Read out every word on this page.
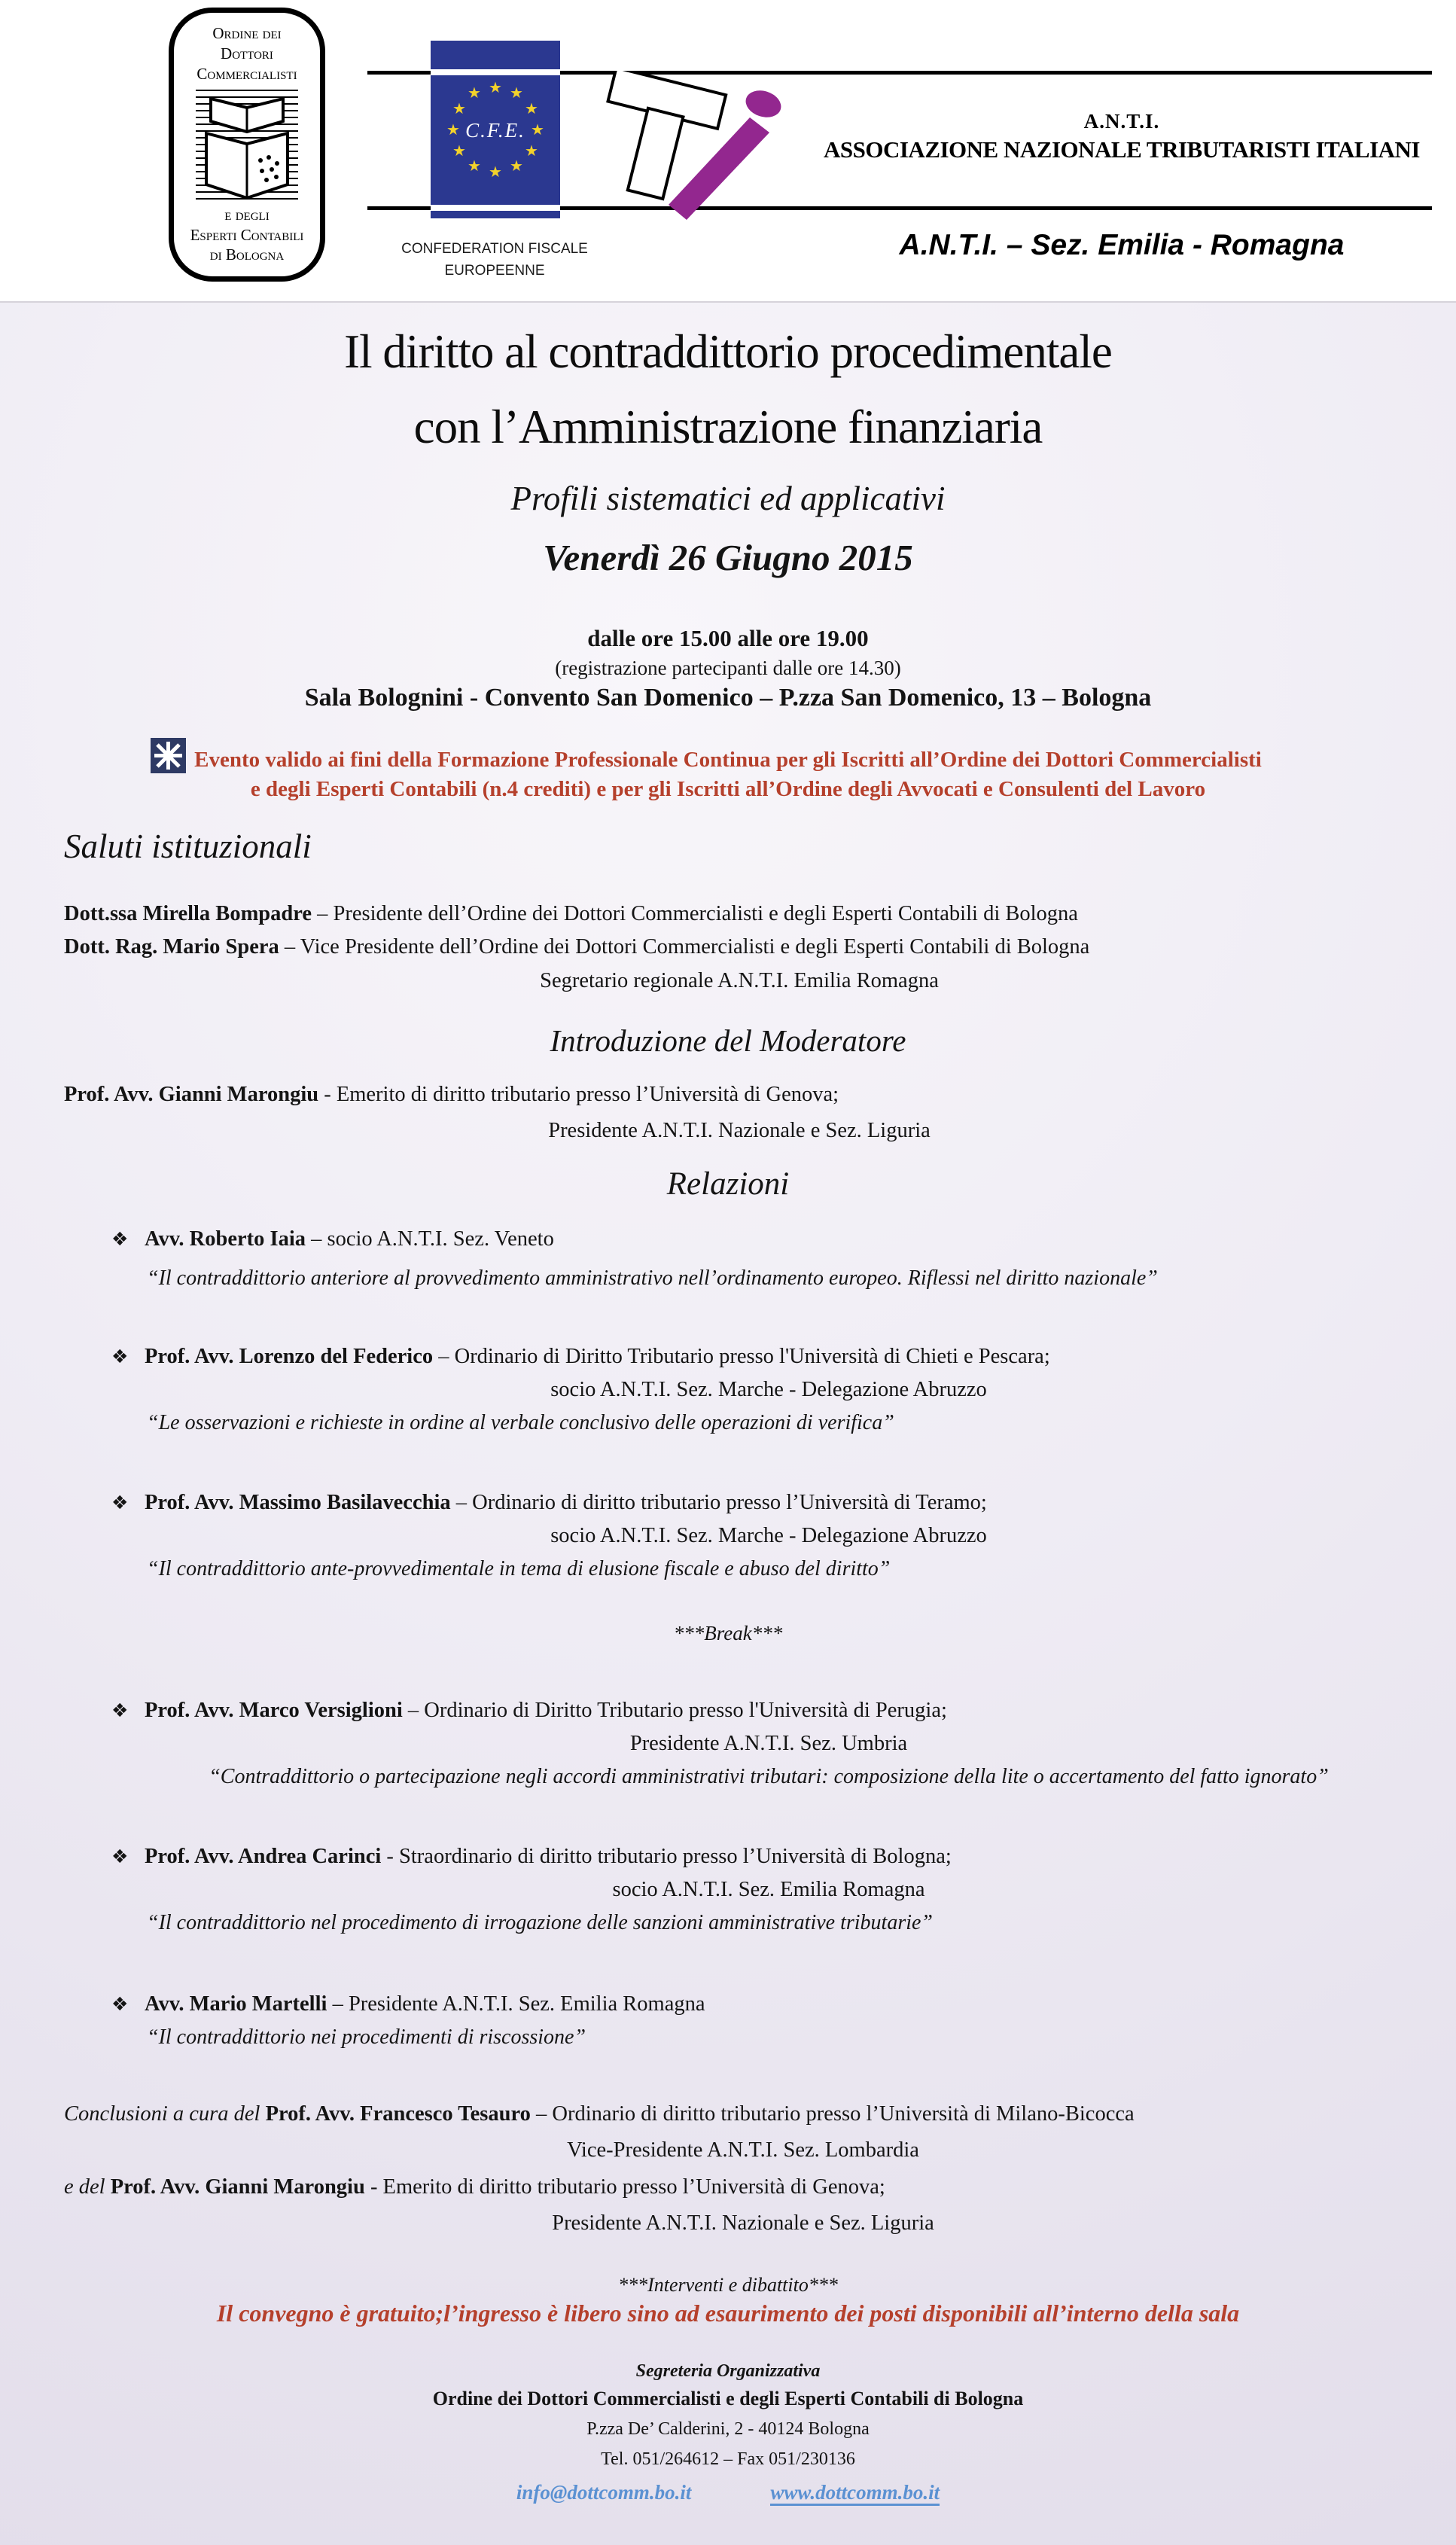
Ordine dei
Dottori
Commercialisti
e degli
Esperti Contabili
di Bologna
★ ★
★
★
★
★
★
★
★
★
★
★
C.F.E.
CONFEDERATION FISCALE
EUROPEENNE
A.N.T.I.
ASSOCIAZIONE NAZIONALE TRIBUTARISTI ITALIANI
A.N.T.I. – Sez. Emilia - Romagna
Il diritto al contraddittorio procedimentale
con l’Amministrazione finanziaria
Profili sistematici ed applicativi
Venerdì 26 Giugno 2015
dalle ore 15.00 alle ore 19.00
(registrazione partecipanti dalle ore 14.30)
Sala Bolognini - Convento San Domenico – P.zza San Domenico, 13 – Bologna
Evento valido ai fini della Formazione Professionale Continua per gli Iscritti all’Ordine dei Dottori Commercialisti
e degli Esperti Contabili (n.4 crediti) e per gli Iscritti all’Ordine degli Avvocati e Consulenti del Lavoro
Saluti istituzionali
Dott.ssa Mirella Bompadre – Presidente dell’Ordine dei Dottori Commercialisti e degli Esperti Contabili di Bologna
Dott. Rag. Mario Spera – Vice Presidente dell’Ordine dei Dottori Commercialisti e degli Esperti Contabili di Bologna
Segretario regionale A.N.T.I. Emilia Romagna
Introduzione del Moderatore
Prof. Avv. Gianni Marongiu - Emerito di diritto tributario presso l’Università di Genova;
Presidente A.N.T.I. Nazionale e Sez. Liguria
Relazioni
❖ Avv. Roberto Iaia – socio A.N.T.I. Sez. Veneto
“Il contraddittorio anteriore al provvedimento amministrativo nell’ordinamento europeo. Riflessi nel diritto nazionale”
❖ Prof. Avv. Lorenzo del Federico – Ordinario di Diritto Tributario presso l'Università di Chieti e Pescara;
socio A.N.T.I. Sez. Marche - Delegazione Abruzzo
“Le osservazioni e richieste in ordine al verbale conclusivo delle operazioni di verifica”
❖ Prof. Avv. Massimo Basilavecchia – Ordinario di diritto tributario presso l’Università di Teramo;
socio A.N.T.I. Sez. Marche - Delegazione Abruzzo
“Il contraddittorio ante-provvedimentale in tema di elusione fiscale e abuso del diritto”
***Break***
❖ Prof. Avv. Marco Versiglioni – Ordinario di Diritto Tributario presso l'Università di Perugia;
Presidente A.N.T.I. Sez. Umbria
“Contraddittorio o partecipazione negli accordi amministrativi tributari: composizione della lite o accertamento del fatto ignorato”
❖ Prof. Avv. Andrea Carinci - Straordinario di diritto tributario presso l’Università di Bologna;
socio A.N.T.I. Sez. Emilia Romagna
“Il contraddittorio nel procedimento di irrogazione delle sanzioni amministrative tributarie”
❖ Avv. Mario Martelli – Presidente A.N.T.I. Sez. Emilia Romagna
“Il contraddittorio nei procedimenti di riscossione”
Conclusioni a cura del Prof. Avv. Francesco Tesauro – Ordinario di diritto tributario presso l’Università di Milano-Bicocca
Vice-Presidente A.N.T.I. Sez. Lombardia
e del Prof. Avv. Gianni Marongiu - Emerito di diritto tributario presso l’Università di Genova;
Presidente A.N.T.I. Nazionale e Sez. Liguria
***Interventi e dibattito***
Il convegno è gratuito;l’ingresso è libero sino ad esaurimento dei posti disponibili all’interno della sala
Segreteria Organizzativa
Ordine dei Dottori Commercialisti e degli Esperti Contabili di Bologna
P.zza De’ Calderini, 2 - 40124 Bologna
Tel. 051/264612 – Fax 051/230136
info@dottcomm.bo.it	www.dottcomm.bo.it
